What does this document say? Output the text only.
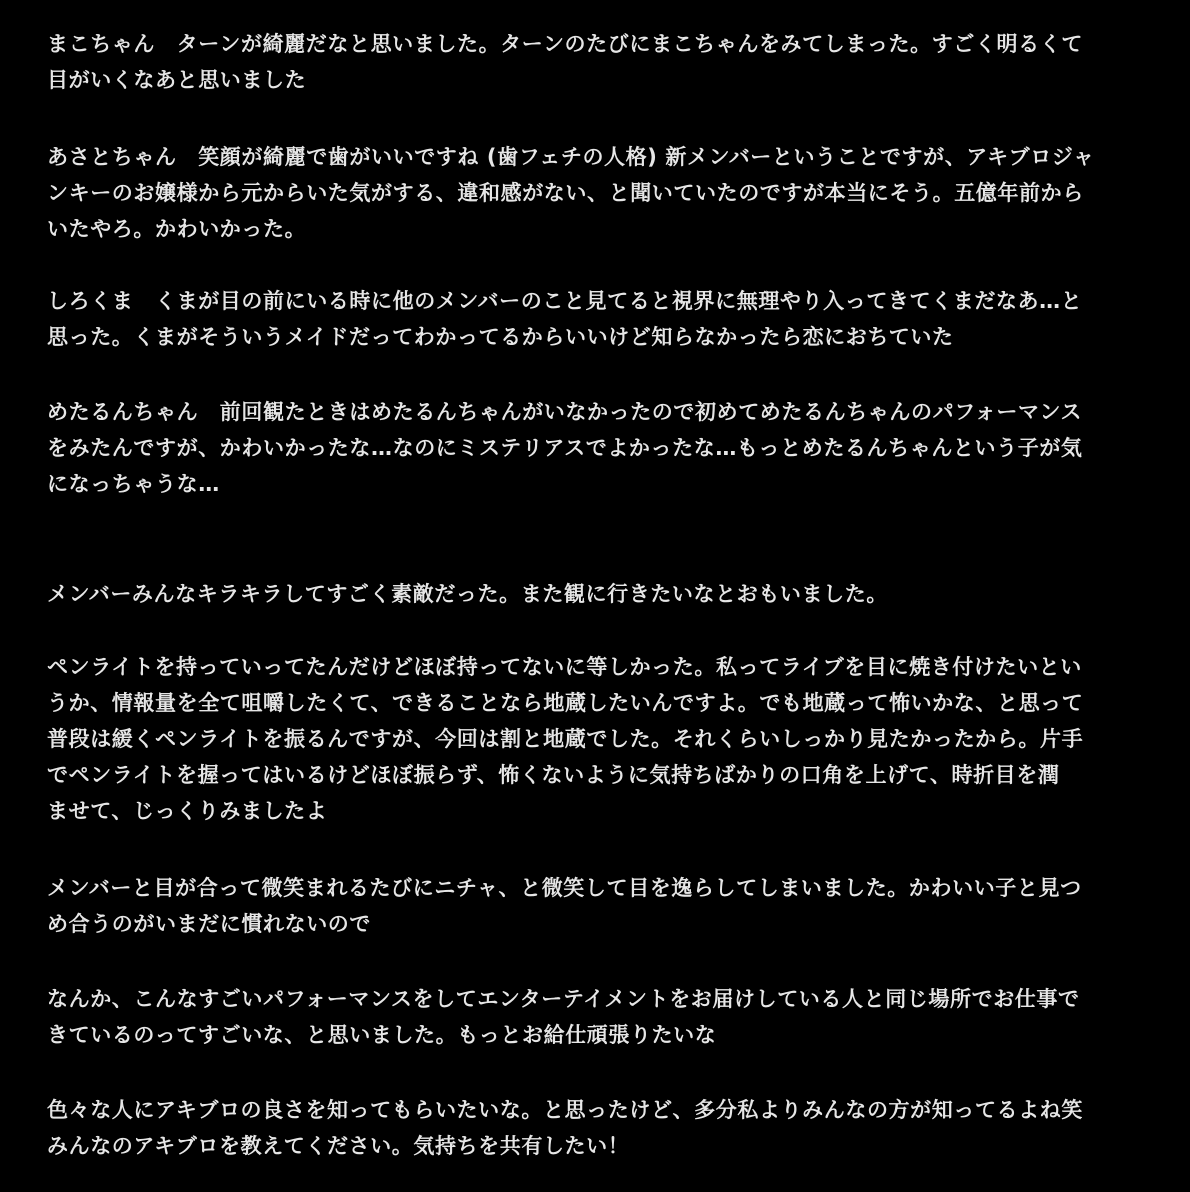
まこちゃん　ターンが綺麗だなと思いました。ターンのたびにまこちゃんをみてしまった。すごく明るくて
目がいくなあと思いました
あさとちゃん　笑顔が綺麗で歯がいいですね (歯フェチの人格) 新メンバーということですが、アキブロジャ
ンキーのお嬢様から元からいた気がする、違和感がない、と聞いていたのですが本当にそう。五億年前から
いたやろ。かわいかった。
しろくま　くまが目の前にいる時に他のメンバーのこと見てると視界に無理やり入ってきてくまだなあ…と
思った。くまがそういうメイドだってわかってるからいいけど知らなかったら恋におちていた
めたるんちゃん　前回観たときはめたるんちゃんがいなかったので初めてめたるんちゃんのパフォーマンス
をみたんですが、かわいかったな…なのにミステリアスでよかったな…もっとめたるんちゃんという子が気
になっちゃうな…
メンバーみんなキラキラしてすごく素敵だった。また観に行きたいなとおもいました。
ペンライトを持っていってたんだけどほぼ持ってないに等しかった。私ってライブを目に焼き付けたいとい
うか、情報量を全て咀嚼したくて、できることなら地蔵したいんですよ。でも地蔵って怖いかな、と思って
普段は緩くペンライトを振るんですが、今回は割と地蔵でした。それくらいしっかり見たかったから。片手
でペンライトを握ってはいるけどほぼ振らず、怖くないように気持ちばかりの口角を上げて、時折目を潤
ませて、じっくりみましたよ
メンバーと目が合って微笑まれるたびにニチャ、と微笑して目を逸らしてしまいました。かわいい子と見つ
め合うのがいまだに慣れないので
なんか、こんなすごいパフォーマンスをしてエンターテイメントをお届けしている人と同じ場所でお仕事で
きているのってすごいな、と思いました。もっとお給仕頑張りたいな
色々な人にアキブロの良さを知ってもらいたいな。と思ったけど、多分私よりみんなの方が知ってるよね笑
みんなのアキブロを教えてください。気持ちを共有したい！
